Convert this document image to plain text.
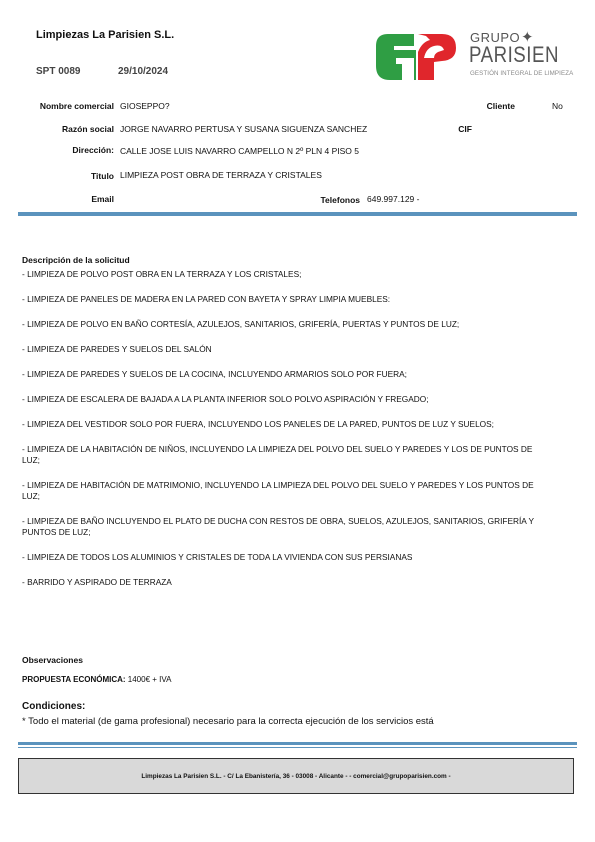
Limpiezas La Parisien S.L.
SPT 0089	29/10/2024
GRUPO ✦
PARISIEN
GESTIÓN INTEGRAL DE LIMPIEZA
Nombre comercial GIOSEPPO?	Cliente	No
Razón social JORGE NAVARRO PERTUSA Y SUSANA SIGUENZA SANCHEZ	CIF
Dirección: CALLE JOSE LUIS NAVARRO CAMPELLO N 2º PLN 4 PISO 5
Titulo LIMPIEZA POST OBRA DE TERRAZA Y CRISTALES
Email	Telefonos 649.997.129 -
Descripción de la solicitud
- LIMPIEZA DE POLVO POST OBRA EN LA TERRAZA Y LOS CRISTALES;
- LIMPIEZA DE PANELES DE MADERA EN LA PARED CON BAYETA Y SPRAY LIMPIA MUEBLES:
- LIMPIEZA DE POLVO EN BAÑO CORTESÍA, AZULEJOS, SANITARIOS, GRIFERÍA, PUERTAS Y PUNTOS DE LUZ;
- LIMPIEZA DE PAREDES Y SUELOS DEL SALÓN
- LIMPIEZA DE PAREDES Y SUELOS DE LA COCINA, INCLUYENDO ARMARIOS SOLO POR FUERA;
- LIMPIEZA DE ESCALERA DE BAJADA A LA PLANTA INFERIOR SOLO POLVO ASPIRACIÓN Y FREGADO;
- LIMPIEZA DEL VESTIDOR SOLO POR FUERA, INCLUYENDO LOS PANELES DE LA PARED, PUNTOS DE LUZ Y SUELOS;
- LIMPIEZA DE LA HABITACIÓN DE NIÑOS, INCLUYENDO LA LIMPIEZA DEL POLVO DEL SUELO Y PAREDES Y LOS DE PUNTOS DE LUZ;
- LIMPIEZA DE HABITACIÓN DE MATRIMONIO, INCLUYENDO LA LIMPIEZA DEL POLVO DEL SUELO Y PAREDES Y LOS PUNTOS DE LUZ;
- LIMPIEZA DE BAÑO INCLUYENDO EL PLATO DE DUCHA CON RESTOS DE OBRA, SUELOS, AZULEJOS, SANITARIOS, GRIFERÍA Y PUNTOS DE LUZ;
- LIMPIEZA DE TODOS LOS ALUMINIOS Y CRISTALES DE TODA LA VIVIENDA CON SUS PERSIANAS
- BARRIDO Y ASPIRADO DE TERRAZA
Observaciones
PROPUESTA ECONÓMICA: 1400€ + IVA
Condiciones:
* Todo el material (de gama profesional) necesario para la correcta ejecución de los servicios está
Limpiezas La Parisien S.L. - C/ La Ebanistería, 36 - 03008 - Alicante - - comercial@grupoparisien.com -
